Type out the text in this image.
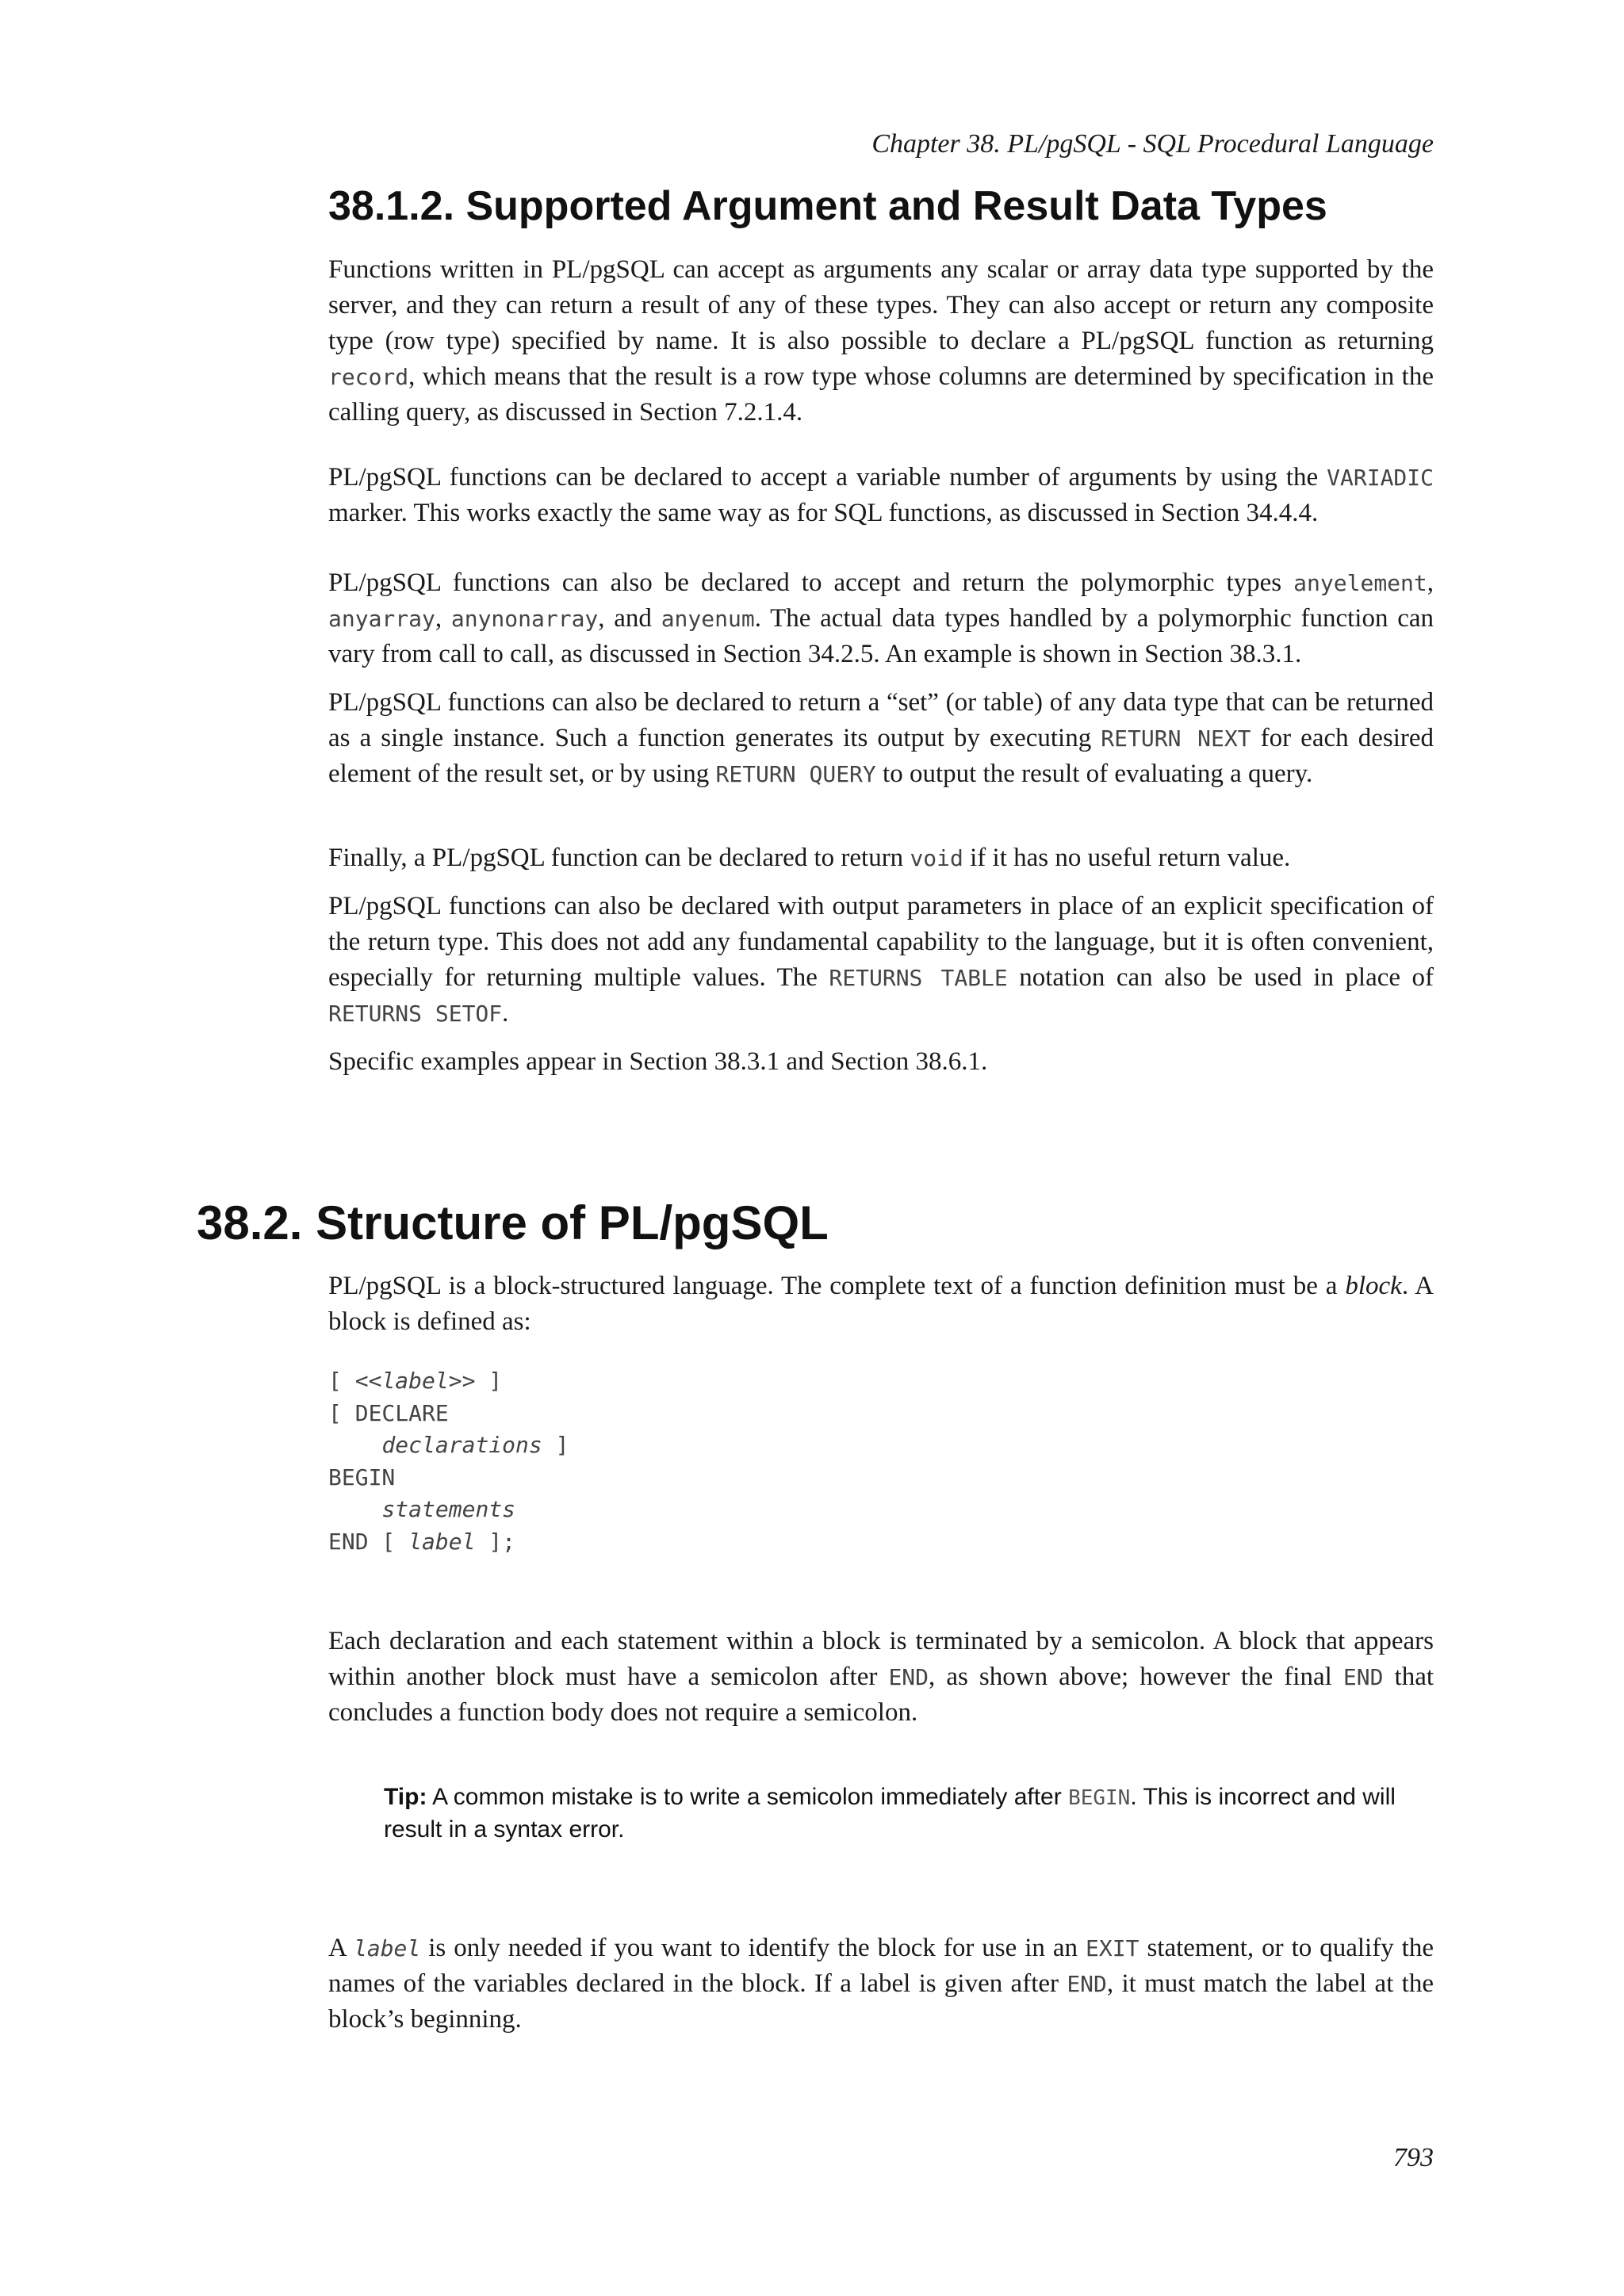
Chapter 38. PL/pgSQL - SQL Procedural Language
38.1.2. Supported Argument and Result Data Types

Functions written in PL/pgSQL can accept as arguments any scalar or array data type supported by the server, and they can return a result of any of these types. They can also accept or return any composite type (row type) specified by name. It is also possible to declare a PL/pgSQL function as returning record, which means that the result is a row type whose columns are determined by specification in the calling query, as discussed in Section 7.2.1.4.

PL/pgSQL functions can be declared to accept a variable number of arguments by using the VARIADIC marker. This works exactly the same way as for SQL functions, as discussed in Section 34.4.4.

PL/pgSQL functions can also be declared to accept and return the polymorphic types anyelement, anyarray, anynonarray, and anyenum. The actual data types handled by a polymorphic function can vary from call to call, as discussed in Section 34.2.5. An example is shown in Section 38.3.1.

PL/pgSQL functions can also be declared to return a “set” (or table) of any data type that can be returned as a single instance. Such a function generates its output by executing RETURN NEXT for each desired element of the result set, or by using RETURN QUERY to output the result of evaluating a query.

Finally, a PL/pgSQL function can be declared to return void if it has no useful return value.

PL/pgSQL functions can also be declared with output parameters in place of an explicit specification of the return type. This does not add any fundamental capability to the language, but it is often convenient, especially for returning multiple values. The RETURNS TABLE notation can also be used in place of RETURNS SETOF.

Specific examples appear in Section 38.3.1 and Section 38.6.1.

38.2. Structure of PL/pgSQL

PL/pgSQL is a block-structured language. The complete text of a function definition must be a block. A block is defined as:

[ <<label>> ]
[ DECLARE
declarations ]
BEGIN
statements
END [ label ];

Each declaration and each statement within a block is terminated by a semicolon. A block that appears within another block must have a semicolon after END, as shown above; however the final END that concludes a function body does not require a semicolon.

Tip: A common mistake is to write a semicolon immediately after BEGIN. This is incorrect and will result in a syntax error.

A label is only needed if you want to identify the block for use in an EXIT statement, or to qualify the names of the variables declared in the block. If a label is given after END, it must match the label at the block’s beginning.

793
